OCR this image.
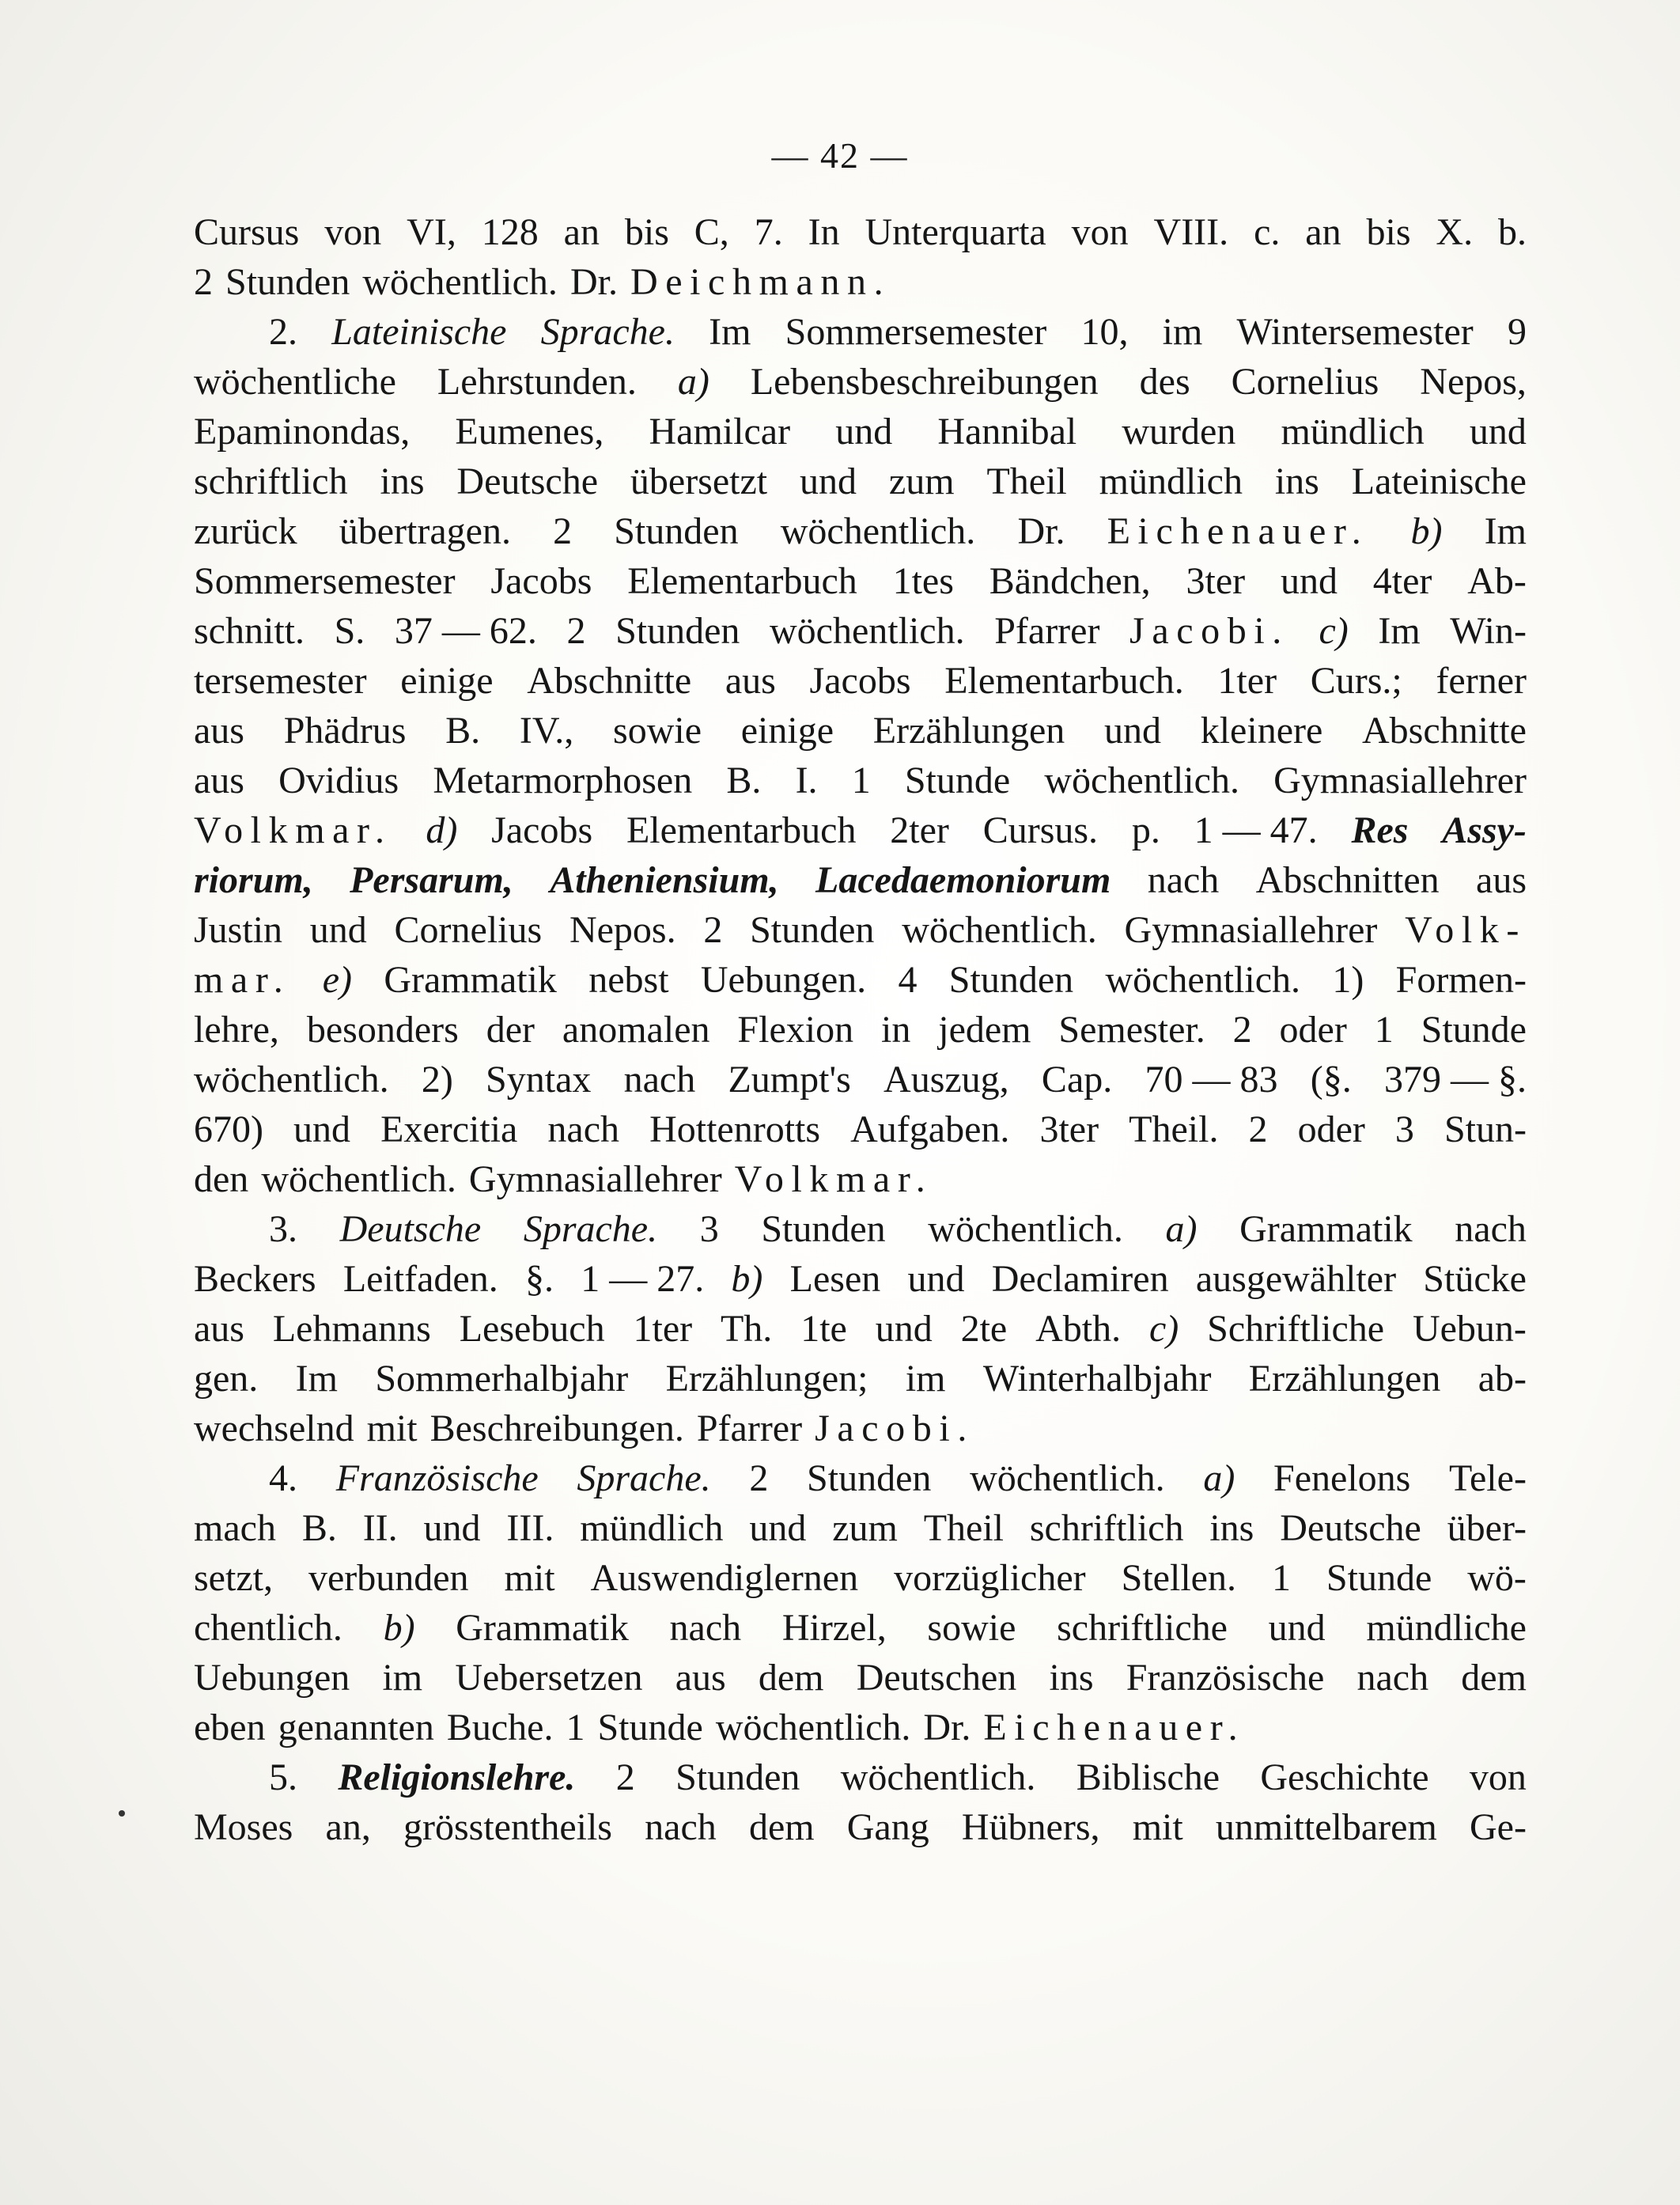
— 42 —
Cursus von VI, 128 an bis C, 7. In Unterquarta von VIII. c. an bis X. b.
2 Stunden wöchentlich. Dr. Deichmann.
2. Lateinische Sprache. Im Sommersemester 10, im Wintersemester 9
wöchentliche Lehrstunden. a) Lebensbeschreibungen des Cornelius Nepos,
Epaminondas, Eumenes, Hamilcar und Hannibal wurden mündlich und
schriftlich ins Deutsche übersetzt und zum Theil mündlich ins Lateinische
zurück übertragen. 2 Stunden wöchentlich. Dr. Eichenauer. b) Im
Sommersemester Jacobs Elementarbuch 1tes Bändchen, 3ter und 4ter Ab-
schnitt. S. 37 — 62. 2 Stunden wöchentlich. Pfarrer Jacobi. c) Im Win-
tersemester einige Abschnitte aus Jacobs Elementarbuch. 1ter Curs.; ferner
aus Phädrus B. IV., sowie einige Erzählungen und kleinere Abschnitte
aus Ovidius Metarmorphosen B. I. 1 Stunde wöchentlich. Gymnasiallehrer
Volkmar. d) Jacobs Elementarbuch 2ter Cursus. p. 1 — 47. Res Assy-
riorum, Persarum, Atheniensium, Lacedaemoniorum nach Abschnitten aus
Justin und Cornelius Nepos. 2 Stunden wöchentlich. Gymnasiallehrer Volk-
mar. e) Grammatik nebst Uebungen. 4 Stunden wöchentlich. 1) Formen-
lehre, besonders der anomalen Flexion in jedem Semester. 2 oder 1 Stunde
wöchentlich. 2) Syntax nach Zumpt's Auszug, Cap. 70 — 83 (§. 379 — §.
670) und Exercitia nach Hottenrotts Aufgaben. 3ter Theil. 2 oder 3 Stun-
den wöchentlich. Gymnasiallehrer Volkmar.
3. Deutsche Sprache. 3 Stunden wöchentlich. a) Grammatik nach
Beckers Leitfaden. §. 1 — 27. b) Lesen und Declamiren ausgewählter Stücke
aus Lehmanns Lesebuch 1ter Th. 1te und 2te Abth. c) Schriftliche Uebun-
gen. Im Sommerhalbjahr Erzählungen; im Winterhalbjahr Erzählungen ab-
wechselnd mit Beschreibungen. Pfarrer Jacobi.
4. Französische Sprache. 2 Stunden wöchentlich. a) Fenelons Tele-
mach B. II. und III. mündlich und zum Theil schriftlich ins Deutsche über-
setzt, verbunden mit Auswendiglernen vorzüglicher Stellen. 1 Stunde wö-
chentlich. b) Grammatik nach Hirzel, sowie schriftliche und mündliche
Uebungen im Uebersetzen aus dem Deutschen ins Französische nach dem
eben genannten Buche. 1 Stunde wöchentlich. Dr. Eichenauer.
5. Religionslehre. 2 Stunden wöchentlich. Biblische Geschichte von
Moses an, grösstentheils nach dem Gang Hübners, mit unmittelbarem Ge-
